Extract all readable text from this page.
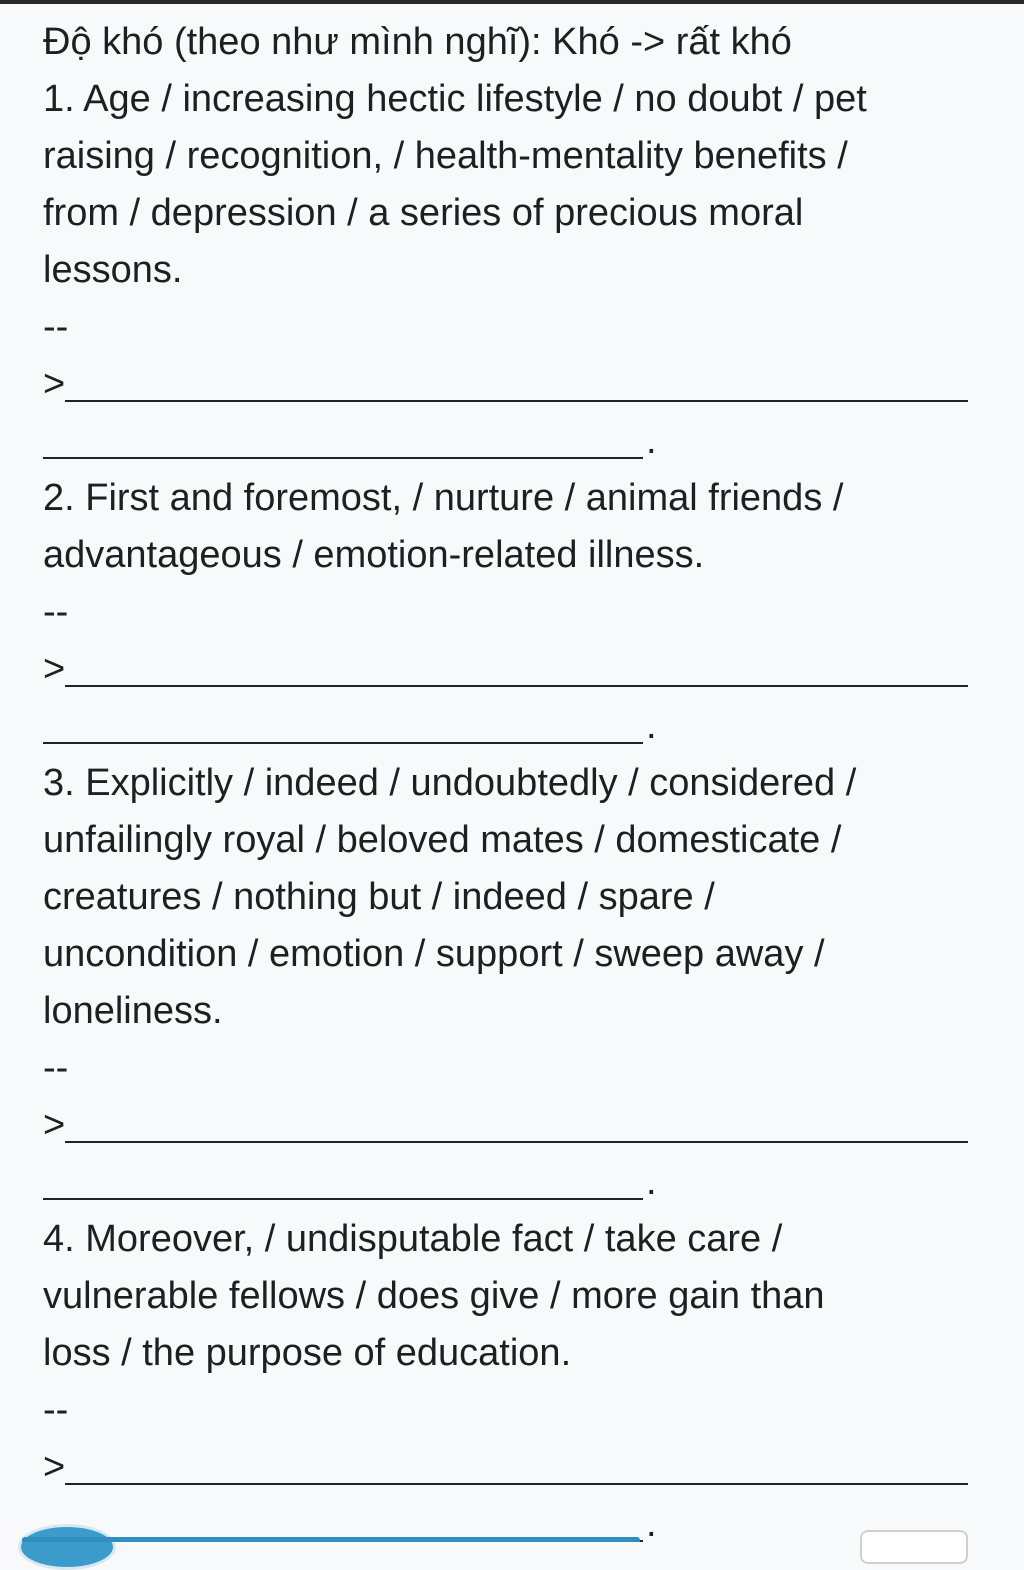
Độ khó (theo như mình nghĩ): Khó -> rất khó

1. Age / increasing hectic lifestyle / no doubt / pet

raising / recognition, / health-mentality benefits /

from / depression / a series of precious moral

lessons.

--
>
.

2. First and foremost, / nurture / animal friends /

advantageous / emotion-related illness.

--
>
.

3. Explicitly / indeed / undoubtedly / considered /

unfailingly royal / beloved mates / domesticate /

creatures / nothing but / indeed / spare /

uncondition / emotion / support / sweep away /

loneliness.

--
>
.

4. Moreover, / undisputable fact / take care /

vulnerable fellows / does give / more gain than

loss / the purpose of education.

--
>
.
